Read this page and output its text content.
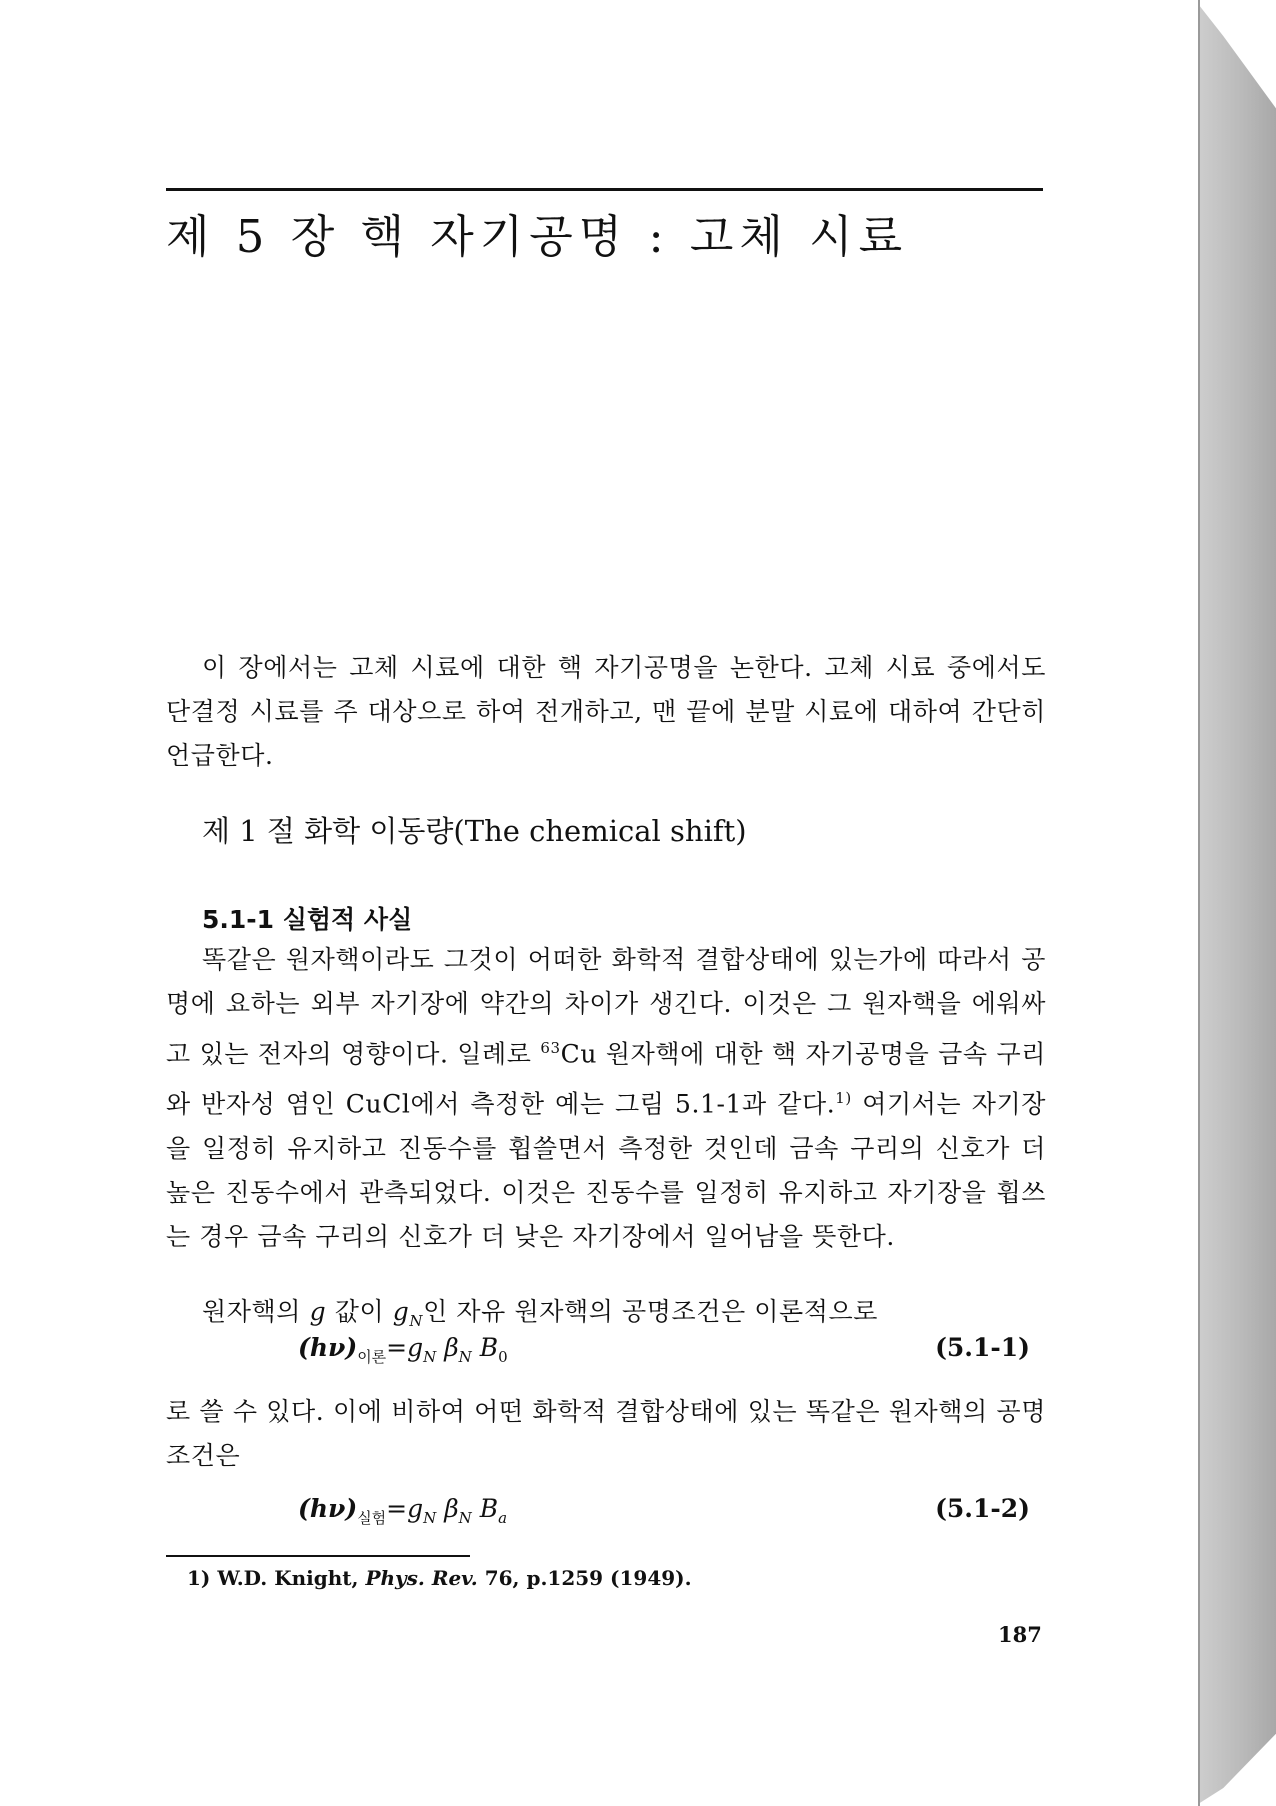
제 5 장 핵 자기공명 : 고체 시료

이 장에서는 고체 시료에 대한 핵 자기공명을 논한다. 고체 시료 중에서도 단결정 시료를 주 대상으로 하여 전개하고, 맨 끝에 분말 시료에 대하여 간단히 언급한다.

제 1 절 화학 이동량(The chemical shift)
5.1-1 실험적 사실

똑같은 원자핵이라도 그것이 어떠한 화학적 결합상태에 있는가에 따라서 공명에 요하는 외부 자기장에 약간의 차이가 생긴다. 이것은 그 원자핵을 에워싸고 있는 전자의 영향이다. 일례로 $^{63}$Cu 원자핵에 대한 핵 자기공명을 금속 구리와 반자성 염인 CuCl에서 측정한 예는 그림 5.1-1과 같다.$^{1)}$ 여기서는 자기장을 일정히 유지하고 진동수를 휩쓸면서 측정한 것인데 금속 구리의 신호가 더 높은 진동수에서 관측되었다. 이것은 진동수를 일정히 유지하고 자기장을 휩쓰는 경우 금속 구리의 신호가 더 낮은 자기장에서 일어남을 뜻한다.

원자핵의 g 값이 $g_N$인 자유 원자핵의 공명조건은 이론적으로

$(h\nu)_{이론}=g_N$ $\beta_N$ $B_0$	(5.1-1)

로 쓸 수 있다. 이에 비하여 어떤 화학적 결합상태에 있는 똑같은 원자핵의 공명조건은

$(h\nu)_{실험}=g_N$ $\beta_N$ $B_a$	(5.1-2)

1) W.D. Knight, Phys. Rev. 76, p.1259 (1949).

187
